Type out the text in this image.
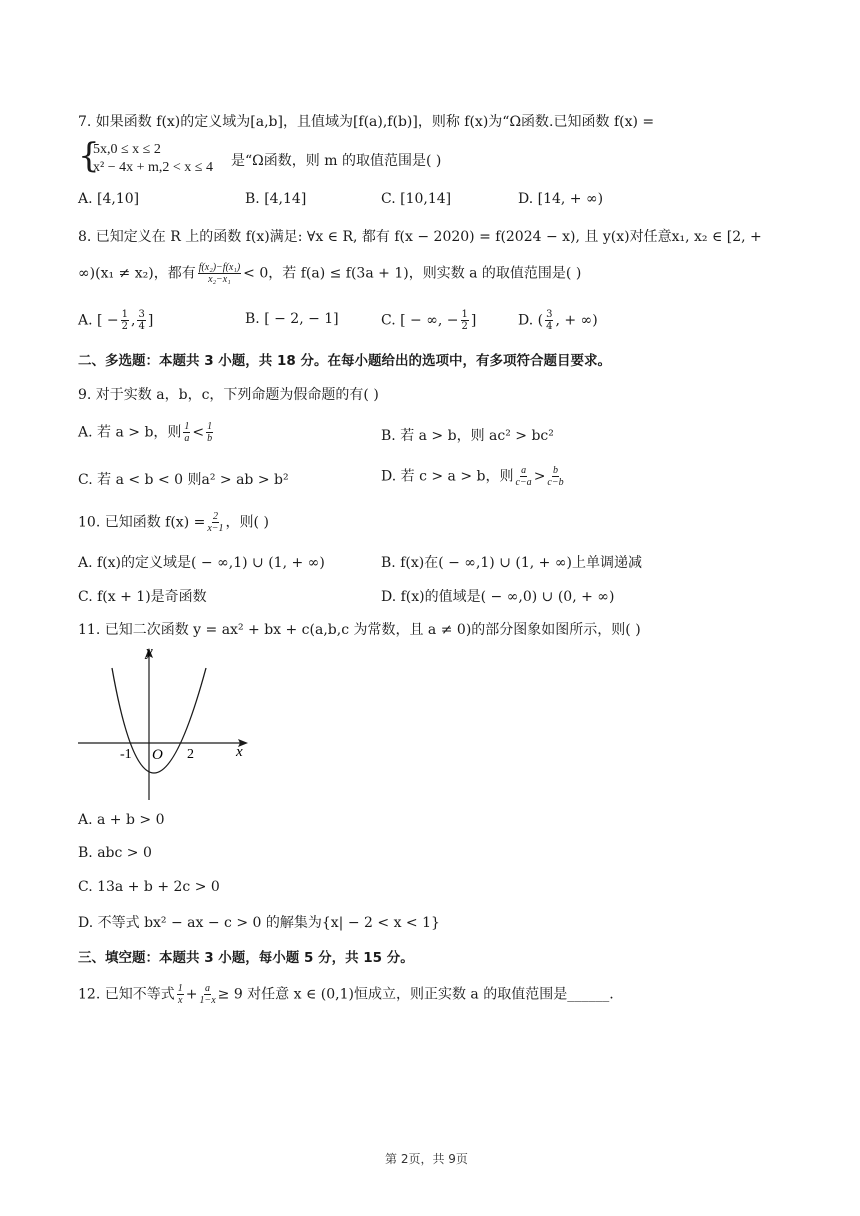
7. 如果函数 f(x)的定义域为[a,b]，且值域为[f(a),f(b)]，则称 f(x)为“Ω函数.已知函数 f(x) =
{
5x,0 ≤ x ≤ 2
x² − 4x + m,2 < x ≤ 4 是“Ω函数，则 m 的取值范围是( )
A. [4,10]	B. [4,14]	C. [10,14]	D. [14, + ∞)
8. 已知定义在 R 上的函数 f(x)满足: ∀x ∈ R, 都有 f(x − 2020) = f(2024 − x), 且 y(x)对任意x₁, x₂ ∈ [2, +
∞)(x₁ ≠ x₂)，都有 $\frac{\text{f(x₂)−f(x₁)}}{\text{x₂−x₁}} < 0$，若 f(a) ≤ f(3a + 1)，则实数 a 的取值范围是( )
A. [ − $\frac{1}{2}$ , $\frac{3}{4}$ ]	B. [ − 2, − 1]	C. [ − ∞, − $\frac{1}{2}$ ]	D. ( $\frac{3}{4}$ , + ∞)
二、多选题：本题共 3 小题，共 18 分。在每小题给出的选项中，有多项符合题目要求。
9. 对于实数 a，b，c，下列命题为假命题的有( )
A. 若 a > b，则 $\frac{1}{a} < \frac{1}{b}$	B. 若 a > b，则 ac² > bc²
C. 若 a < b < 0 则a² > ab > b²	D. 若 c > a > b，则 $\frac{a}{c-a} > \frac{b}{c-b}$
10. 已知函数 $f(x) = \frac{2}{x-1}$ ，则( )
A. f(x)的定义域是( − ∞,1) ∪ (1, + ∞)	B. f(x)在( − ∞,1) ∪ (1, + ∞)上单调递减
C. f(x + 1)是奇函数	D. f(x)的值域是( − ∞,0) ∪ (0, + ∞)
11. 已知二次函数 y = ax² + bx + c(a,b,c 为常数，且 a ≠ 0)的部分图象如图所示，则( )
y
x
O
-1	2
A. a + b > 0
B. abc > 0
C. 13a + b + 2c > 0
D. 不等式 bx² − ax − c > 0 的解集为{x| − 2 < x < 1}
三、填空题：本题共 3 小题，每小题 5 分，共 15 分。
12. 已知不等式 $\frac{1}{x} + \frac{a}{1-x} \ge 9$ 对任意 x ∈ (0,1)恒成立，则正实数 a 的取值范围是______.
第 2页，共 9页
